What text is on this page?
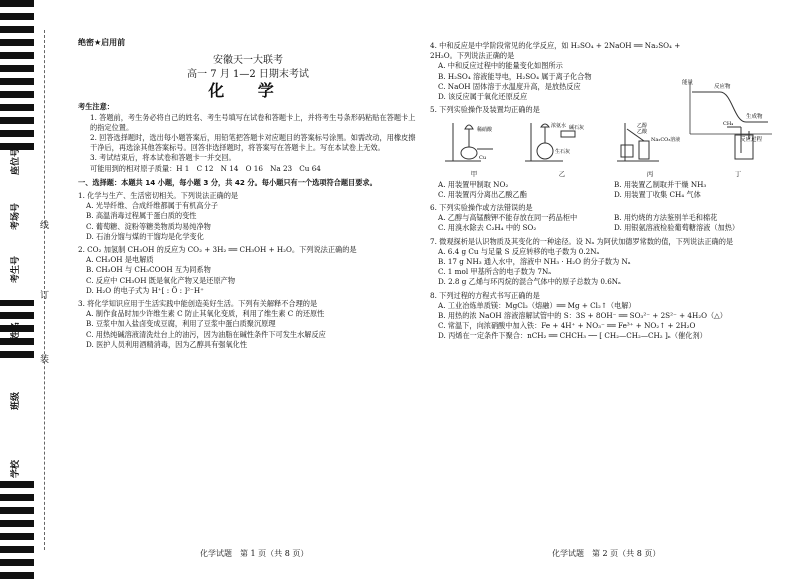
线
订
装
座位号
考场号
考生号
姓名
班级
学校
绝密★启用前
安徽天一大联考
高一 7 月 1—2 日期末考试
化 学
考生注意：
1. 答题前，考生务必将自己的姓名、考生号填写在试卷和答题卡上，并将考生号条形码粘贴在答题卡上的指定位置。
2. 回答选择题时，选出每小题答案后，用铅笔把答题卡对应题目的答案标号涂黑。如需改动，用橡皮擦干净后，再选涂其他答案标号。回答非选择题时，将答案写在答题卡上。写在本试卷上无效。
3. 考试结束后，将本试卷和答题卡一并交回。
可能用到的相对原子质量：H 1　C 12　N 14　O 16　Na 23　Cu 64
一、选择题：本题共 14 小题，每小题 3 分，共 42 分。每小题只有一个选项符合题目要求。
1. 化学与生产、生活密切相关。下列说法正确的是
A. 光导纤维、合成纤维都属于有机高分子
B. 高温消毒过程属于蛋白质的变性
C. 葡萄糖、淀粉等糖类物质均易纯净物
D. 石油分馏与煤的干馏均是化学变化
2. CO₂ 加氢制 CH₃OH 的反应为 CO₂ + 3H₂ ══ CH₃OH + H₂O。下列说法正确的是
A. CH₃OH 是电解质
B. CH₃OH 与 CH₃COOH 互为同系物
C. 反应中 CH₃OH 既是氧化产物又是还原产物
D. H₂O 的电子式为 H⁺[ : Ö : ]²⁻H⁺
3. 将化学知识应用于生活实践中能创造美好生活。下列有关解释不合理的是
A. 制作食品时加少许维生素 C 防止其氧化变质，利用了维生素 C 的还原性
B. 豆浆中加入盐卤变成豆腐，利用了豆浆中蛋白质聚沉原理
C. 用热纯碱溶液清洗灶台上的油污，因为油脂在碱性条件下可发生水解反应
D. 医护人员利用酒精消毒，因为乙醇具有强氧化性
化学试题　第 1 页（共 8 页）
4. 中和反应是中学阶段常见的化学反应，如 H₂SO₄ + 2NaOH ══ Na₂SO₄ + 2H₂O。下列说法正确的是
A. 中和反应过程中的能量变化如图所示
B. H₂SO₄ 溶液能导电，H₂SO₄ 属于离子化合物
C. NaOH 固体溶于水温度升高，是放热反应
D. 该反应属于氧化还原反应
5. 下列实验操作及装置均正确的是
稀硝酸
Cu
浓氨水 碱石灰
生石灰
乙醇
乙酸
Na₂CO₃溶液
CH₄
甲	乙	丙	丁
A. 用装置甲制取 NO₂	B. 用装置乙制取并干燥 NH₃
C. 用装置丙分离出乙酸乙酯	D. 用装置丁收集 CH₄ 气体
6. 下列实验操作或方法错误的是
A. 乙醇与高锰酸钾不能存放在同一药品柜中	B. 用灼烧的方法鉴别羊毛和棉花
C. 用溴水除去 C₂H₄ 中的 SO₂	D. 用银氨溶液检验葡萄糖溶液（加热）
7. 微观探析是认识物质及其变化的一种途径。设 Nₐ 为阿伏加德罗常数的值，下列说法正确的是
A. 6.4 g Cu 与足量 S 反应转移的电子数为 0.2Nₐ
B. 17 g NH₃ 通入水中，溶液中 NH₃ · H₂O 的分子数为 Nₐ
C. 1 mol 甲基所含的电子数为 7Nₐ
D. 2.8 g 乙烯与环丙烷的混合气体中的原子总数为 0.6Nₐ
8. 下列过程的方程式书写正确的是
A. 工业冶炼单质镁：MgCl₂（熔融）══ Mg + Cl₂↑（电解）
B. 用热的浓 NaOH 溶液溶解试管中的 S：3S + 8OH⁻ ══ SO₃²⁻ + 2S²⁻ + 4H₂O（△）
C. 常温下，向浓硝酸中加入铁：Fe + 4H⁺ + NO₃⁻ ══ Fe³⁺ + NO₂↑ + 2H₂O
D. 丙烯在一定条件下聚合：nCH₂ ══ CHCH₃ ── [ CH₂—CH₂—CH₂ ]ₙ（催化剂）
能量
反应物
生成物
反应过程
化学试题　第 2 页（共 8 页）
